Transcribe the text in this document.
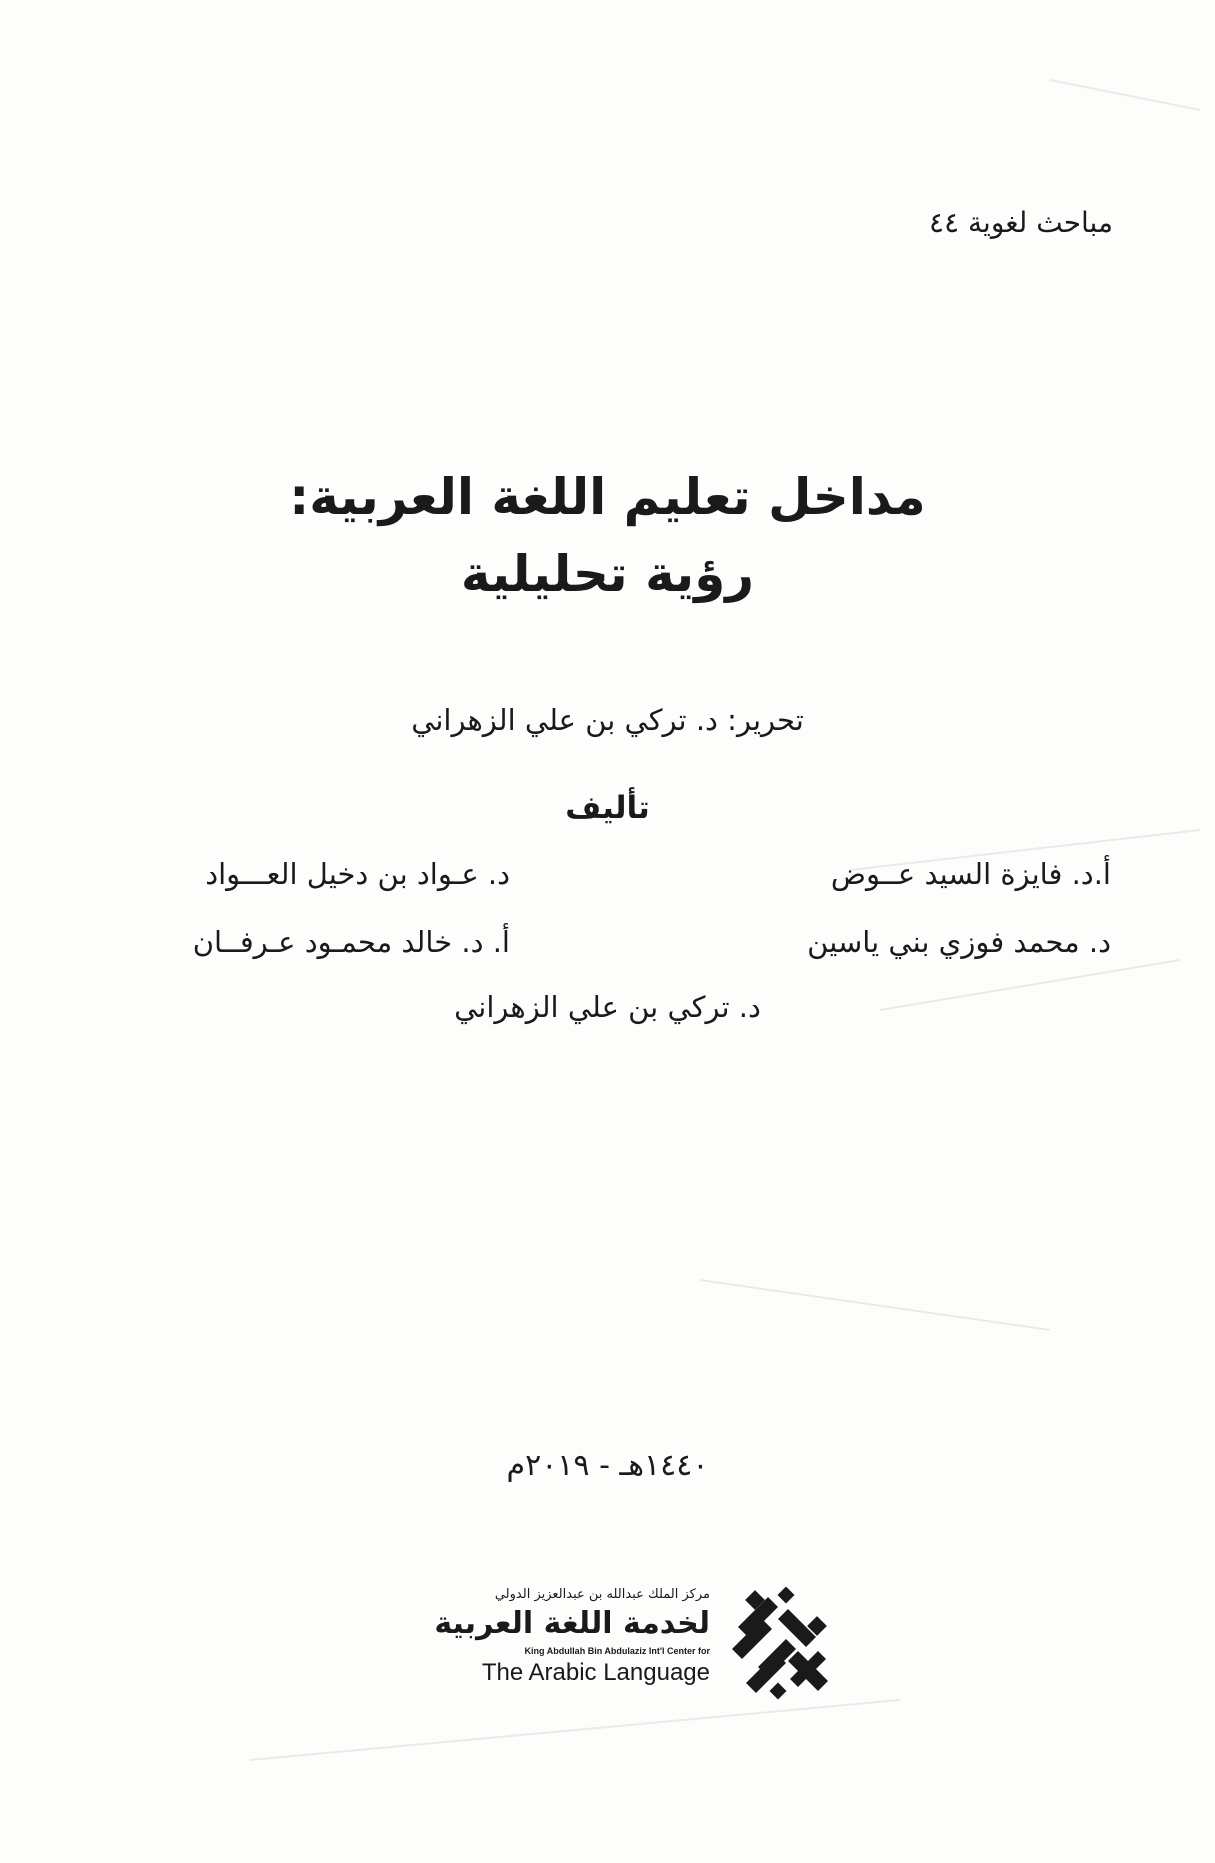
مباحث لغوية ٤٤
مداخل تعليم اللغة العربية:
رؤية تحليلية
تحرير: د. تركي بن علي الزهراني
تأليف
أ.د. فايزة السيد عــوض
د. عـواد بن دخيل العـــواد
د. محمد فوزي بني ياسين
أ. د. خالد محمـود عـرفــان
د. تركي بن علي الزهراني
١٤٤٠هـ - ٢٠١٩م
مركز الملك عبدالله بن عبدالعزيز الدولي
لخدمة اللغة العربية
King Abdullah Bin Abdulaziz Int'l Center for
The Arabic Language
